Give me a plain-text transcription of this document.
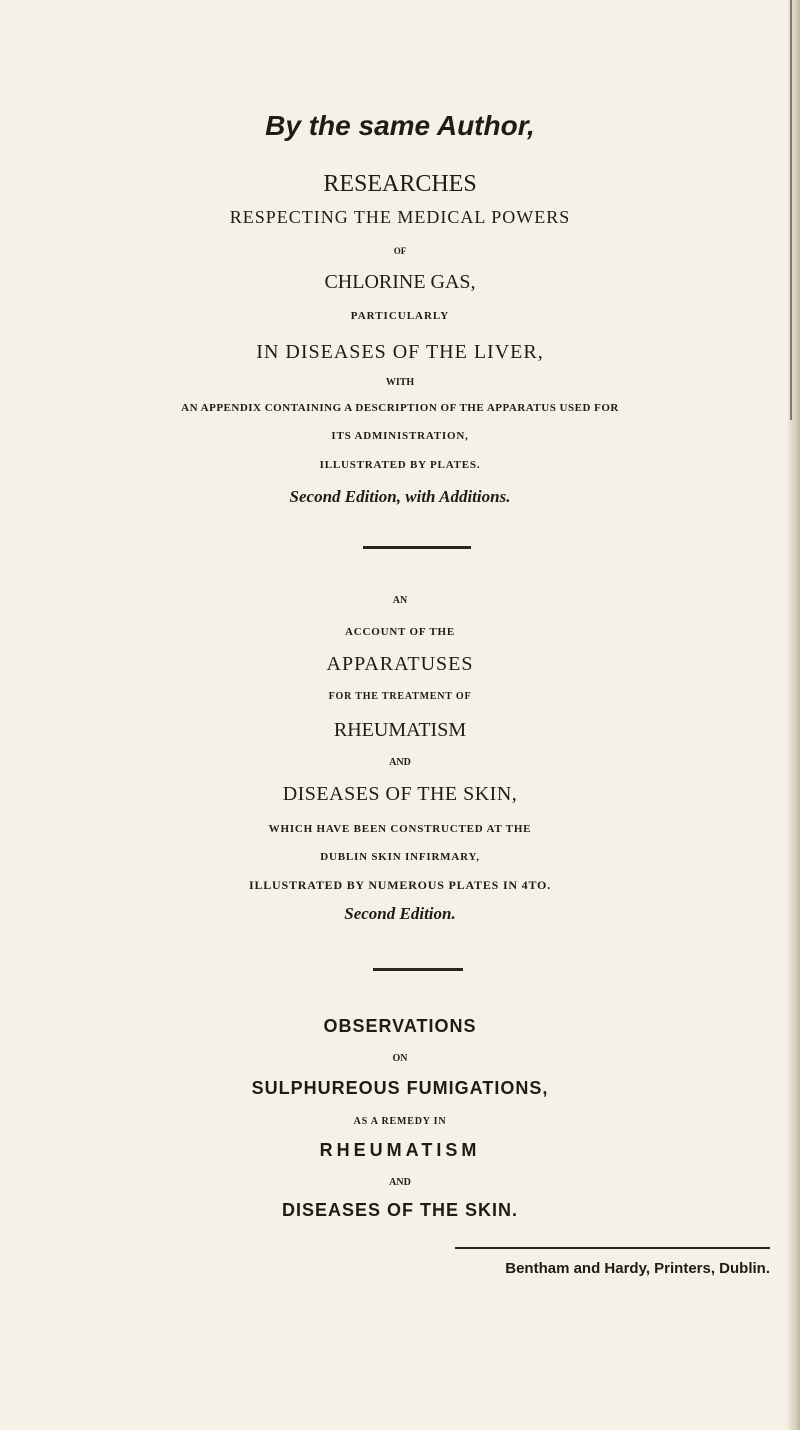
By the same Author,
RESEARCHES
RESPECTING THE MEDICAL POWERS
OF
CHLORINE GAS,
PARTICULARLY
IN DISEASES OF THE LIVER,
WITH
AN APPENDIX CONTAINING A DESCRIPTION OF THE APPARATUS USED FOR
ITS ADMINISTRATION,
ILLUSTRATED BY PLATES.
Second Edition, with Additions.
AN
ACCOUNT OF THE
APPARATUSES
FOR THE TREATMENT OF
RHEUMATISM
AND
DISEASES OF THE SKIN,
WHICH HAVE BEEN CONSTRUCTED AT THE
DUBLIN SKIN INFIRMARY,
ILLUSTRATED BY NUMEROUS PLATES IN 4TO.
Second Edition.
OBSERVATIONS
ON
SULPHUREOUS FUMIGATIONS,
AS A REMEDY IN
RHEUMATISM
AND
DISEASES OF THE SKIN.
Bentham and Hardy, Printers, Dublin.
